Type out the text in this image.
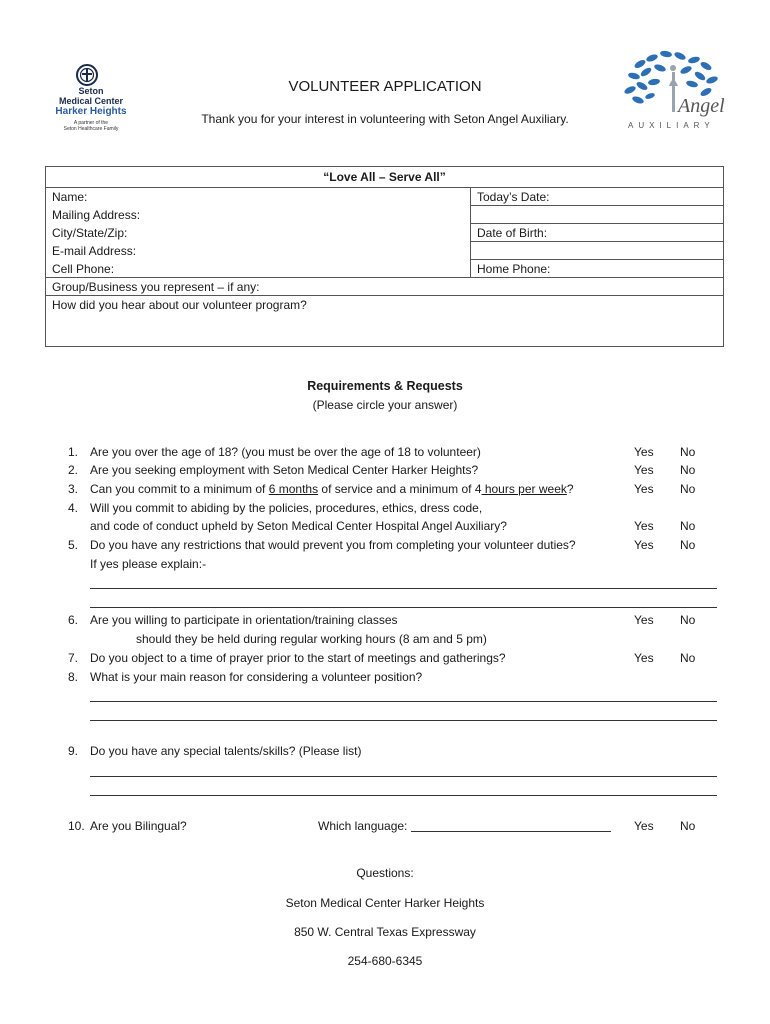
Seton
Medical Center
Harker Heights
A partner of the
Seton Healthcare Family
VOLUNTEER APPLICATION
Thank you for your interest in volunteering with Seton Angel Auxiliary.
Angel
AUXILIARY
Name:	Today’s Date:
Mailing Address:
City/State/Zip:	Date of Birth:
E-mail Address:
Cell Phone:	Home Phone:
Group/Business you represent – if any:
How did you hear about our volunteer program?
“Love All – Serve All”
Requirements & Requests
(Please circle your answer)
1. Are you over the age of 18? (you must be over the age of 18 to volunteer)	Yes No
2. Are you seeking employment with Seton Medical Center Harker Heights?	Yes No
3. Can you commit to a minimum of 6 months of service and a minimum of 4 hours per week?	Yes No
4. Will you commit to abiding by the policies, procedures, ethics, dress code,
and code of conduct upheld by Seton Medical Center Hospital Angel Auxiliary?	Yes No
5. Do you have any restrictions that would prevent you from completing your volunteer duties?	Yes No
If yes please explain:-
6. Are you willing to participate in orientation/training classes
should they be held during regular working hours (8 am and 5 pm)
Yes No
7. Do you object to a time of prayer prior to the start of meetings and gatherings?	Yes No
8. What is your main reason for considering a volunteer position?
9. Do you have any special talents/skills? (Please list)
10. Are you Bilingual?	Which language:	Yes No
Questions:
Seton Medical Center Harker Heights
850 W. Central Texas Expressway
254-680-6345
